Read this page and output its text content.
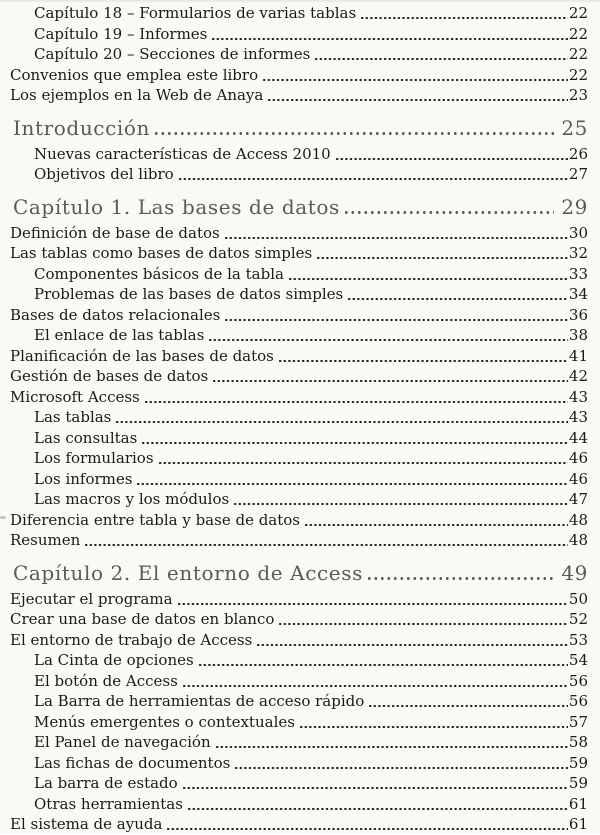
Capítulo 18 – Formularios de varias tablas	22
Capítulo 19 – Informes	22
Capítulo 20 – Secciones de informes	22
Convenios que emplea este libro	22
Los ejemplos en la Web de Anaya	23
Introducción	25
Nuevas características de Access 2010	26
Objetivos del libro	27
Capítulo 1. Las bases de datos	29
Definición de base de datos	30
Las tablas como bases de datos simples	32
Componentes básicos de la tabla	33
Problemas de las bases de datos simples	34
Bases de datos relacionales	36
El enlace de las tablas	38
Planificación de las bases de datos	41
Gestión de bases de datos	42
Microsoft Access	43
Las tablas	43
Las consultas	44
Los formularios	46
Los informes	46
Las macros y los módulos	47
Diferencia entre tabla y base de datos	48
Resumen	48
Capítulo 2. El entorno de Access	49
Ejecutar el programa	50
Crear una base de datos en blanco	52
El entorno de trabajo de Access	53
La Cinta de opciones	54
El botón de Access	56
La Barra de herramientas de acceso rápido	56
Menús emergentes o contextuales	57
El Panel de navegación	58
Las fichas de documentos	59
La barra de estado	59
Otras herramientas	61
El sistema de ayuda	61
